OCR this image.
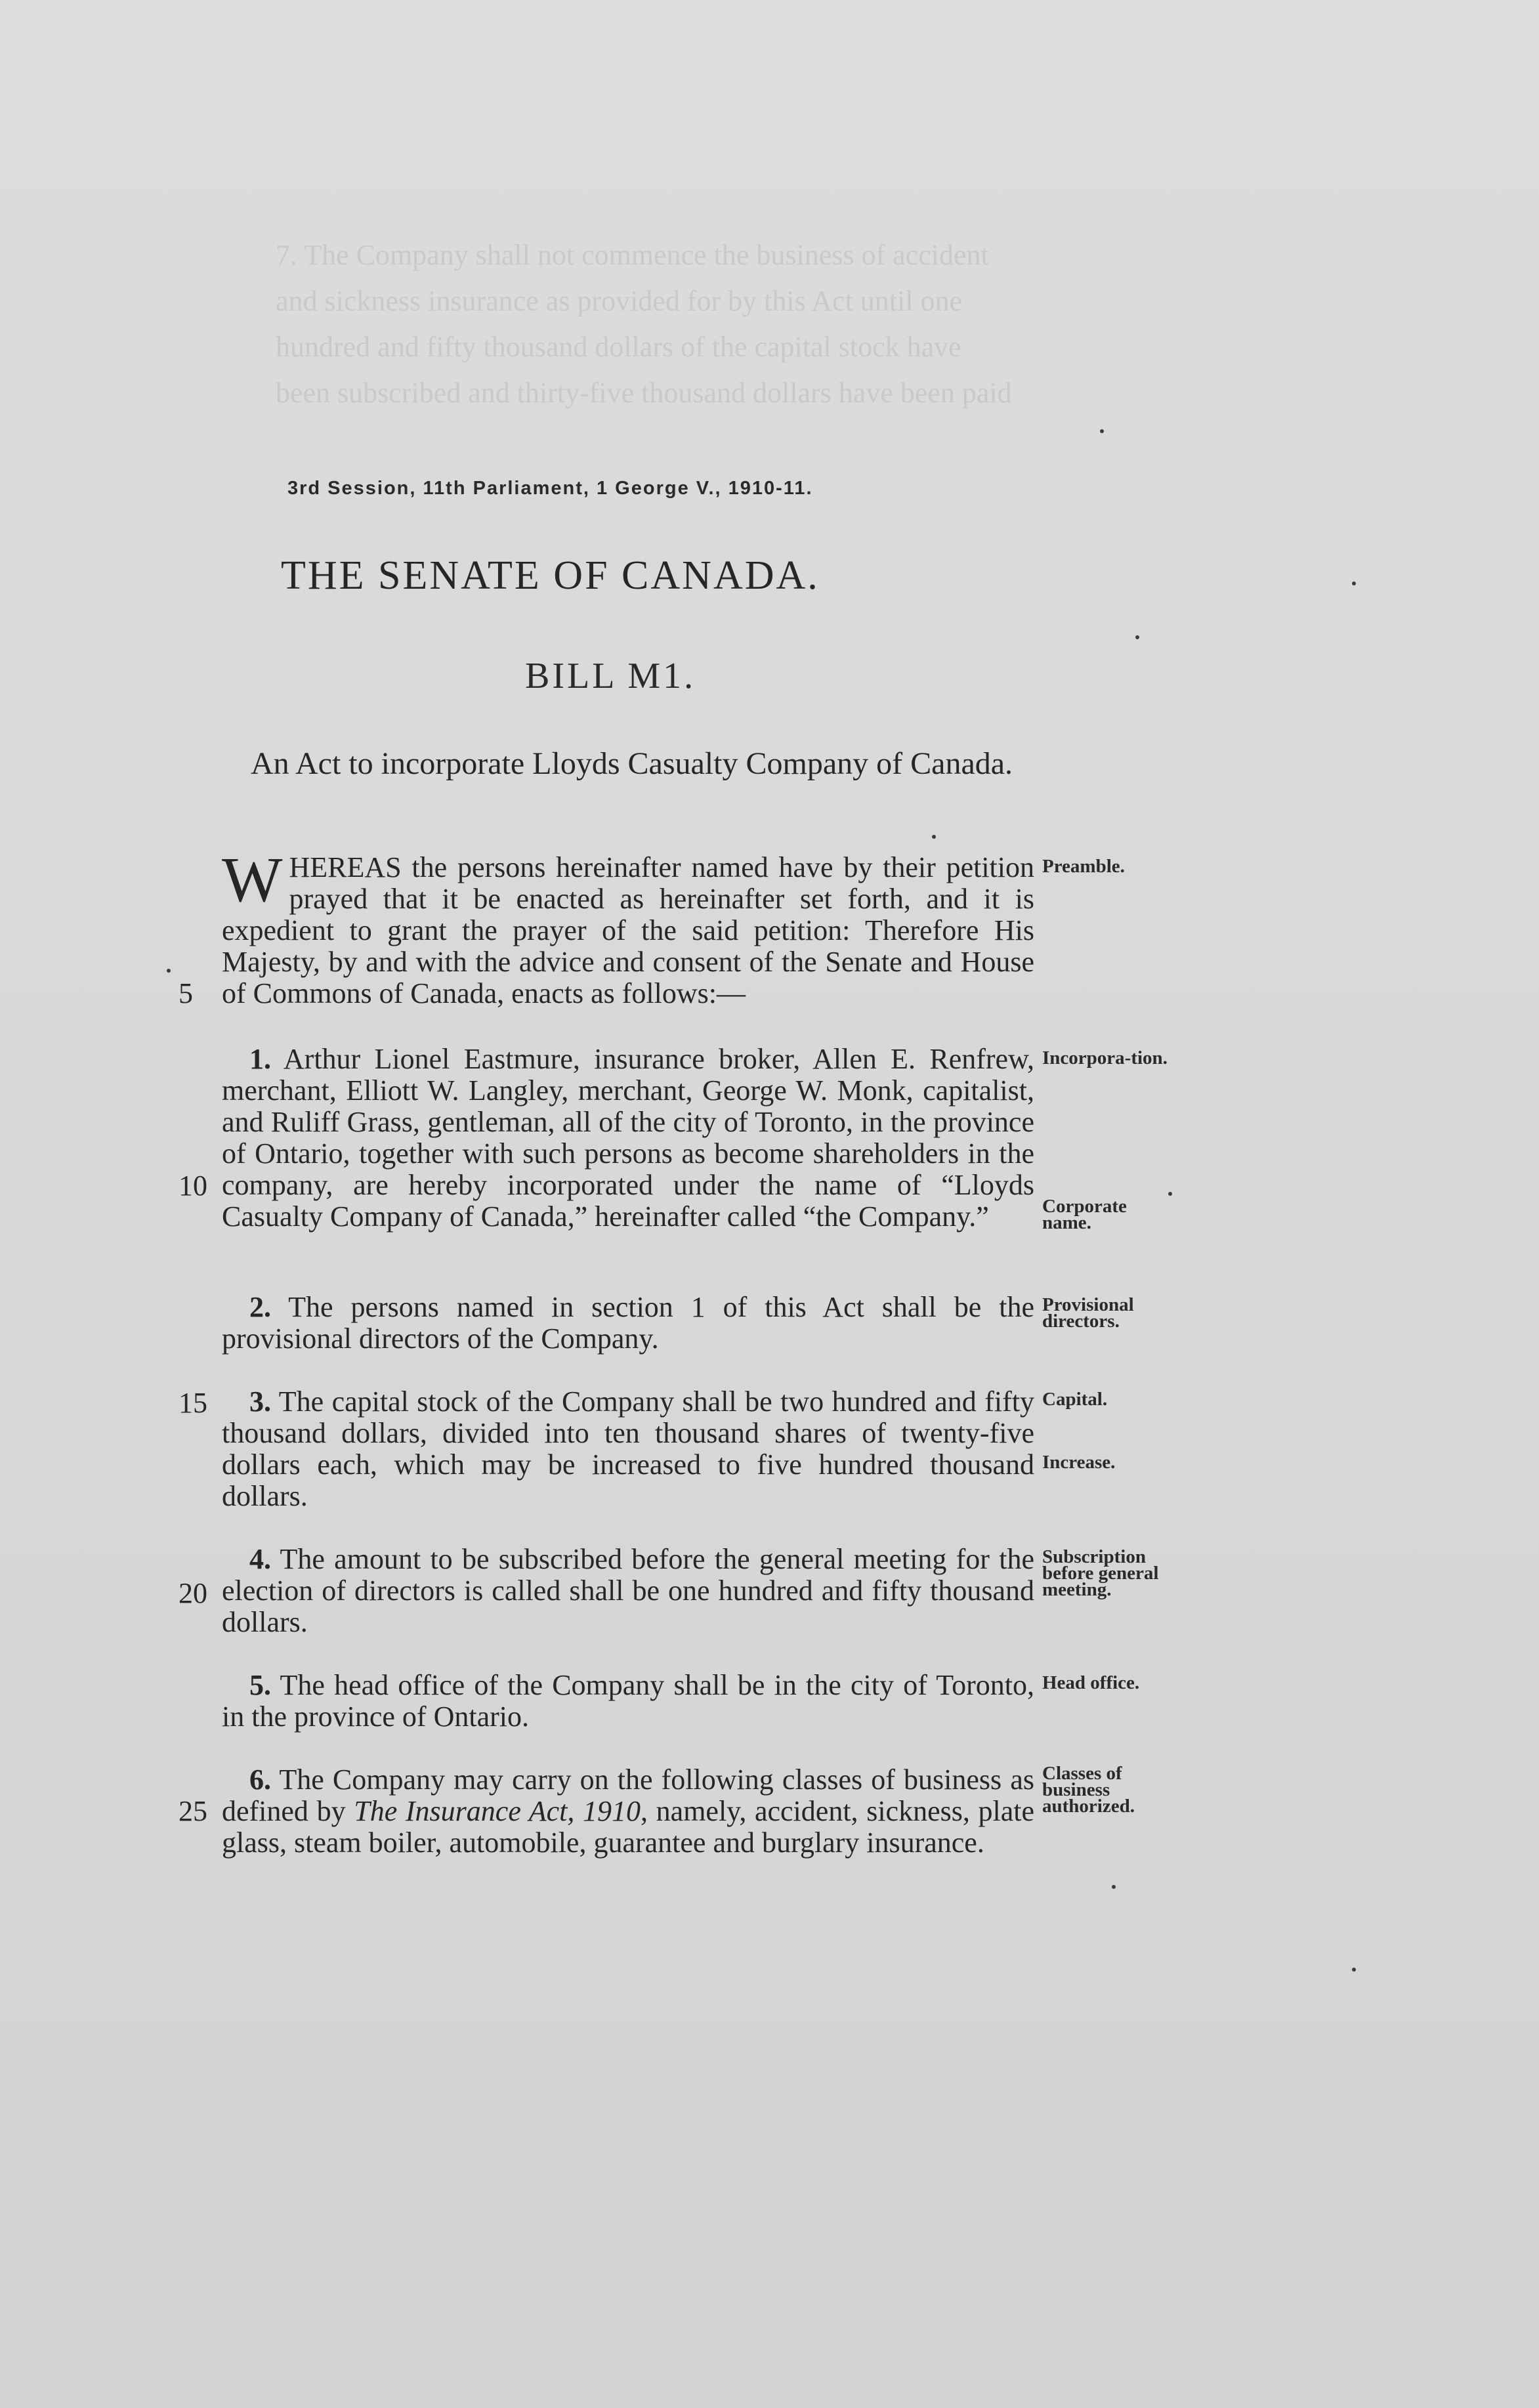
7. The Company shall not commence the business of accident
and sickness insurance as provided for by this Act until one
hundred and fifty thousand dollars of the capital stock have
been subscribed and thirty-five thousand dollars have been paid
3rd Session, 11th Parliament, 1 George V., 1910-11.
THE SENATE OF CANADA.
BILL M1.
An Act to incorporate Lloyds Casualty Company of Canada.
WHEREAS the persons hereinafter named have by their petition prayed that it be enacted as hereinafter set forth, and it is expedient to grant the prayer of the said petition: Therefore His Majesty, by and with the advice and consent of the Senate and House of Commons of Canada, enacts as follows:—
1. Arthur Lionel Eastmure, insurance broker, Allen E. Renfrew, merchant, Elliott W. Langley, merchant, George W. Monk, capitalist, and Ruliff Grass, gentleman, all of the city of Toronto, in the province of Ontario, together with such persons as become shareholders in the company, are hereby incorporated under the name of “Lloyds Casualty Company of Canada,” hereinafter called “the Company.”
2. The persons named in section 1 of this Act shall be the provisional directors of the Company.
3. The capital stock of the Company shall be two hundred and fifty thousand dollars, divided into ten thousand shares of twenty-five dollars each, which may be increased to five hundred thousand dollars.
4. The amount to be subscribed before the general meeting for the election of directors is called shall be one hundred and fifty thousand dollars.
5. The head office of the Company shall be in the city of Toronto, in the province of Ontario.
6. The Company may carry on the following classes of business as defined by The Insurance Act, 1910, namely, accident, sickness, plate glass, steam boiler, automobile, guarantee and burglary insurance.
5
10
15
20
25
Preamble.
Incorpora-tion.
Corporate name.
Provisional directors.
Capital.
Increase.
Subscription before general meeting.
Head office.
Classes of business authorized.
